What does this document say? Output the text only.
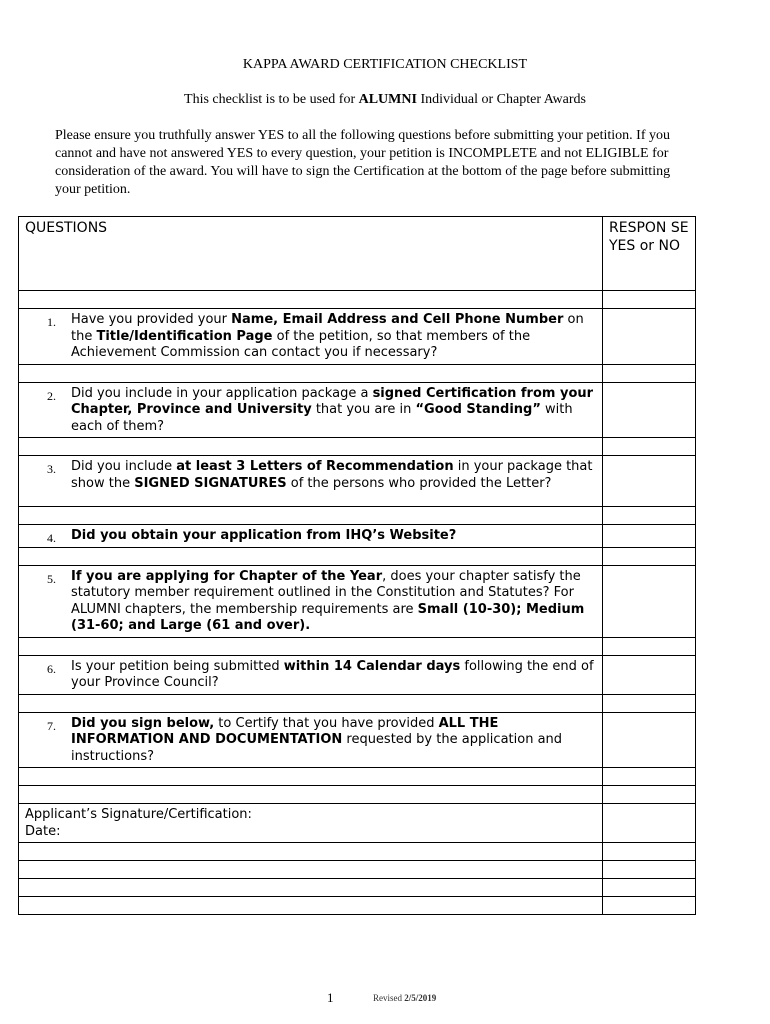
KAPPA AWARD CERTIFICATION CHECKLIST
This checklist is to be used for ALUMNI Individual or Chapter Awards
Please ensure you truthfully answer YES to all the following questions before submitting your petition. If you cannot and have not answered YES to every question, your petition is INCOMPLETE and not ELIGIBLE for consideration of the award. You will have to sign the Certification at the bottom of the page before submitting your petition.
QUESTIONS	RESPON SE YES or NO

1. Have you provided your Name, Email Address and Cell Phone Number on the Title/Identification Page of the petition, so that members of the Achievement Commission can contact you if necessary?	

2. Did you include in your application package a signed Certification from your Chapter, Province and University that you are in “Good Standing” with each of them?	

3. Did you include at least 3 Letters of Recommendation in your package that show the SIGNED SIGNATURES of the persons who provided the Letter?	

4. Did you obtain your application from IHQ’s Website?	

5. If you are applying for Chapter of the Year, does your chapter satisfy the statutory member requirement outlined in the Constitution and Statutes? For ALUMNI chapters, the membership requirements are Small (10-30); Medium (31-60; and Large (61 and over).	

6. Is your petition being submitted within 14 Calendar days following the end of your Province Council?	

7. Did you sign below, to Certify that you have provided ALL THE INFORMATION AND DOCUMENTATION requested by the application and instructions?	

Applicant’s Signature/Certification:
Date:	

1	Revised 2/5/2019
